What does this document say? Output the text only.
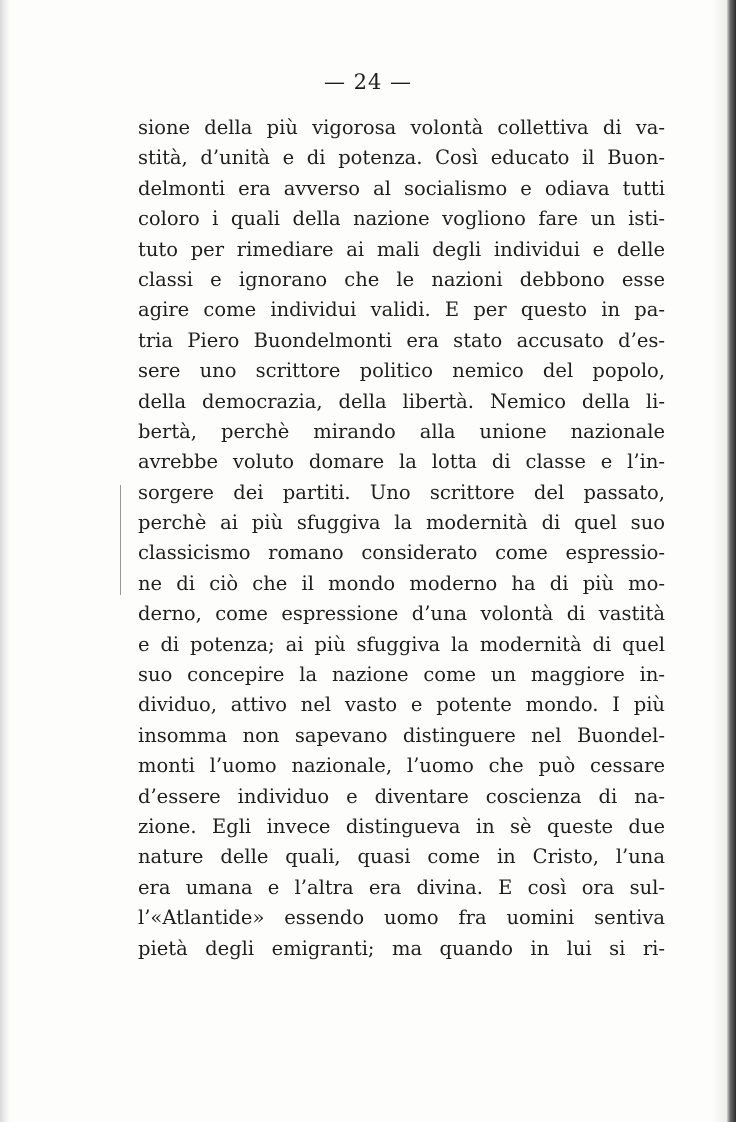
— 24 —
sione della più vigorosa volontà collettiva di va-
stità, d’unità e di potenza. Così educato il Buon-
delmonti era avverso al socialismo e odiava tutti
coloro i quali della nazione vogliono fare un isti-
tuto per rimediare ai mali degli individui e delle
classi e ignorano che le nazioni debbono esse
agire come individui validi. E per questo in pa-
tria Piero Buondelmonti era stato accusato d’es-
sere uno scrittore politico nemico del popolo,
della democrazia, della libertà. Nemico della li-
bertà, perchè mirando alla unione nazionale
avrebbe voluto domare la lotta di classe e l’in-
sorgere dei partiti. Uno scrittore del passato,
perchè ai più sfuggiva la modernità di quel suo
classicismo romano considerato come espressio-
ne di ciò che il mondo moderno ha di più mo-
derno, come espressione d’una volontà di vastità
e di potenza; ai più sfuggiva la modernità di quel
suo concepire la nazione come un maggiore in-
dividuo, attivo nel vasto e potente mondo. I più
insomma non sapevano distinguere nel Buondel-
monti l’uomo nazionale, l’uomo che può cessare
d’essere individuo e diventare coscienza di na-
zione. Egli invece distingueva in sè queste due
nature delle quali, quasi come in Cristo, l’una
era umana e l’altra era divina. E così ora sul-
l’«Atlantide» essendo uomo fra uomini sentiva
pietà degli emigranti; ma quando in lui si ri-
